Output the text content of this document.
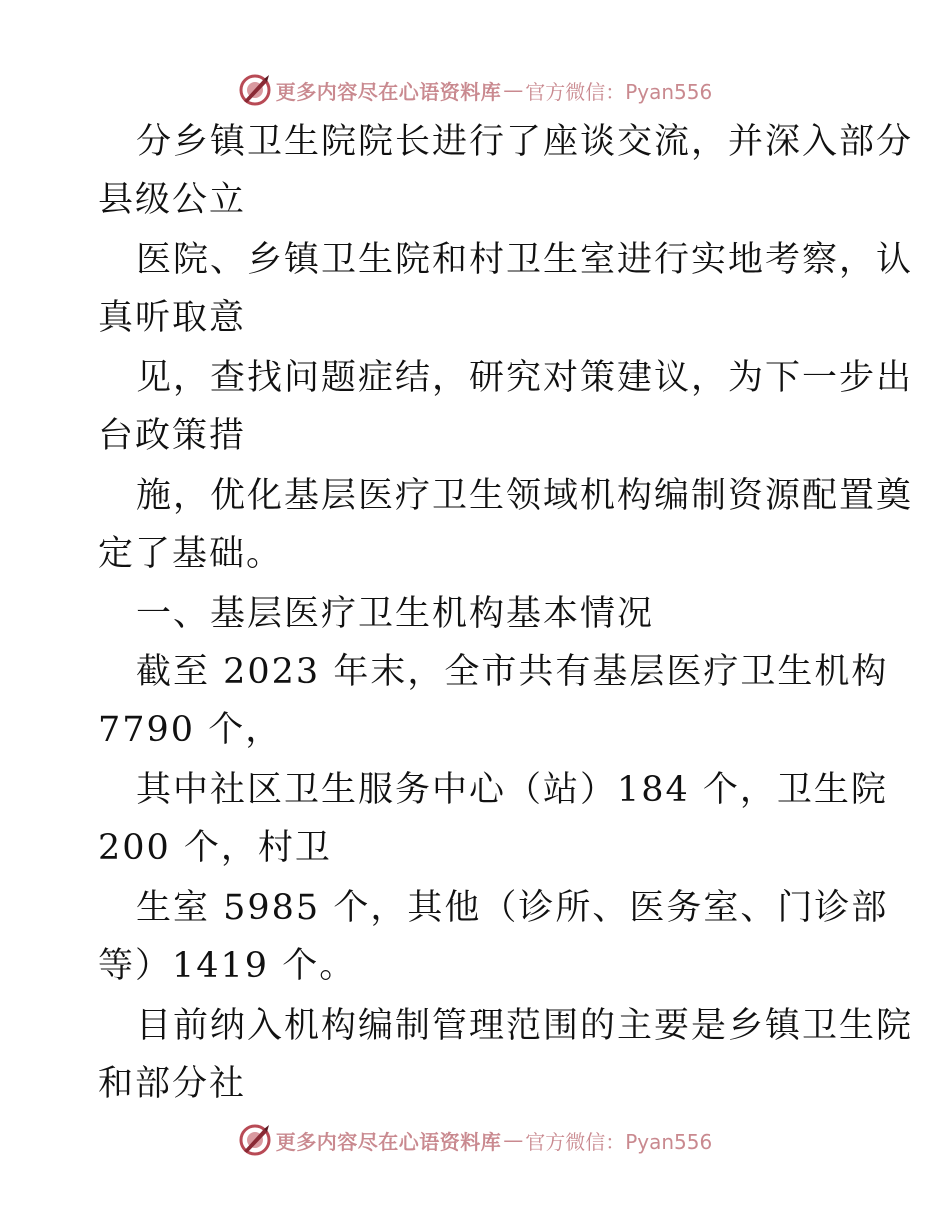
更多内容尽在心语资料库 — 官方微信：Pyan556
分乡镇卫生院院长进行了座谈交流，并深入部分
县级公立
医院、乡镇卫生院和村卫生室进行实地考察，认
真听取意
见，查找问题症结，研究对策建议，为下一步出
台政策措
施，优化基层医疗卫生领域机构编制资源配置奠
定了基础。
一、基层医疗卫生机构基本情况
截至 2023 年末，全市共有基层医疗卫生机构
7790 个，
其中社区卫生服务中心（站）184 个，卫生院
200 个，村卫
生室 5985 个，其他（诊所、医务室、门诊部
等）1419 个。
目前纳入机构编制管理范围的主要是乡镇卫生院
和部分社
更多内容尽在心语资料库 — 官方微信：Pyan556
